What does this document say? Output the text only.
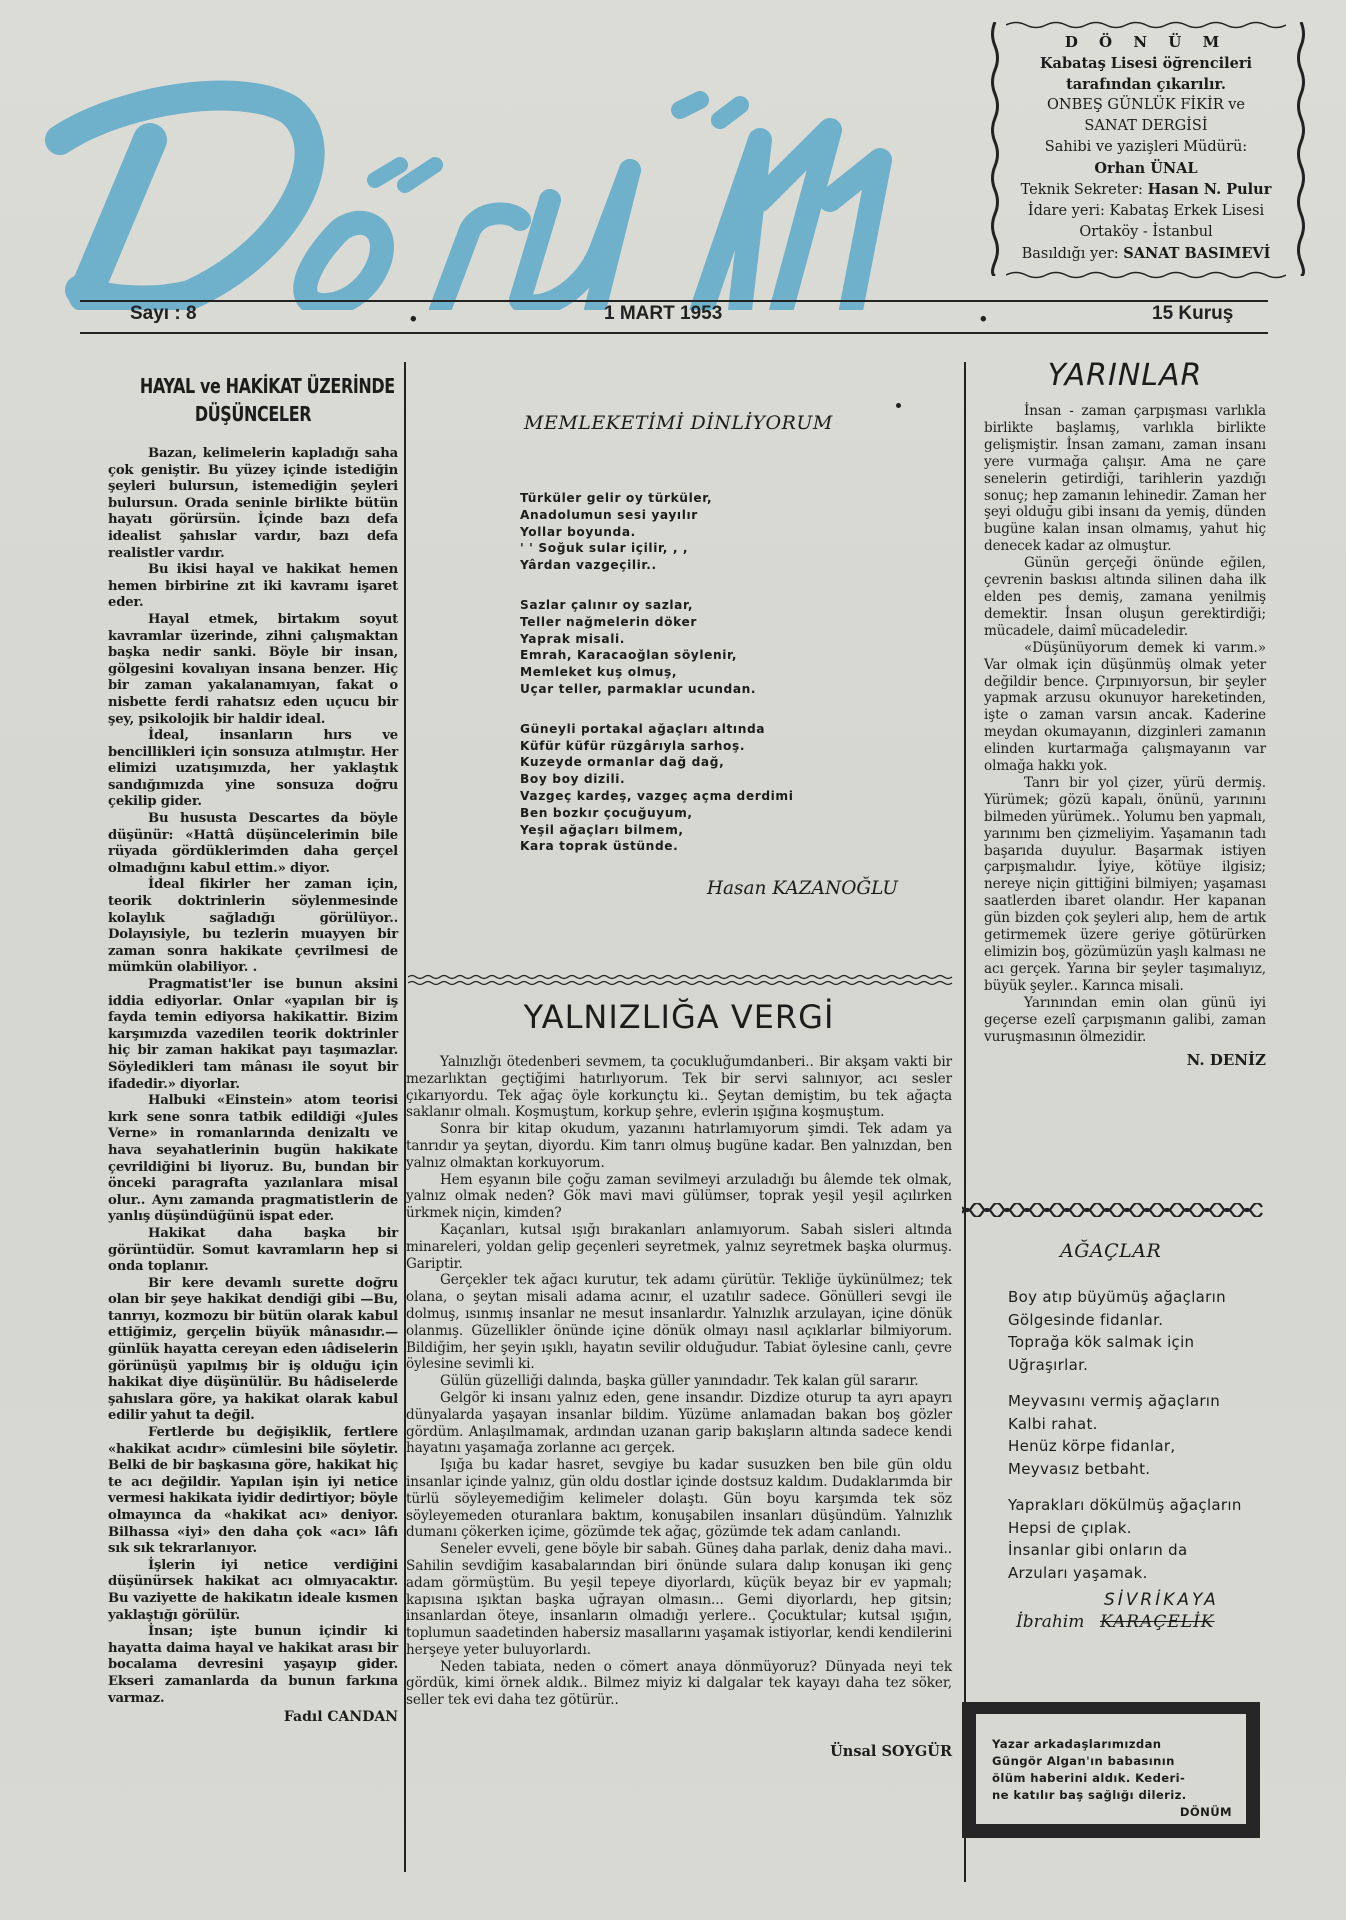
D Ö N Ü M
Kabataş Lisesi öğrencileri
tarafından çıkarılır.
ONBEŞ GÜNLÜK FİKİR ve
SANAT DERGİSİ
Sahibi ve yazişleri Müdürü:
Orhan ÜNAL
Teknik Sekreter: Hasan N. Pulur
İdare yeri: Kabataş Erkek Lisesi
Ortaköy - İstanbul
Basıldığı yer: SANAT BASIMEVİ
Sayı : 8	•	1 MART 1953	•	15 Kuruş
HAYAL ve HAKİKAT ÜZERİNDE
DÜŞÜNCELER

Bazan, kelimelerin kapladığı saha çok geniştir. Bu yüzey içinde istediğin şeyleri bulursun, istemediğin şeyleri bulursun. Orada seninle birlikte bütün hayatı görürsün. İçinde bazı defa idealist şahıslar vardır, bazı defa realistler vardır.

Bu ikisi hayal ve hakikat hemen hemen birbirine zıt iki kavramı işaret eder.

Hayal etmek, birtakım soyut kavramlar üzerinde, zihni çalışmaktan başka nedir sanki. Böyle bir insan, gölgesini kovalıyan insana benzer. Hiç bir zaman yakalanamıyan, fakat o nisbette ferdi rahatsız eden uçucu bir şey, psikolojik bir haldir ideal.

İdeal, insanların hırs ve bencillikleri için sonsuza atılmıştır. Her elimizi uzatışımızda, her yaklaştık sandığımızda yine sonsuza doğru çekilip gider.

Bu hususta Descartes da böyle düşünür: «Hattâ düşüncelerimin bile rüyada gördüklerimden daha gerçel olmadığını kabul ettim.» diyor.

İdeal fikirler her zaman için, teorik doktrinlerin söylenmesinde kolaylık sağladığı görülüyor.. Dolayısiyle, bu tezlerin muayyen bir zaman sonra hakikate çevrilmesi de mümkün olabiliyor. .

Pragmatist'ler ise bunun aksini iddia ediyorlar. Onlar «yapılan bir iş fayda temin ediyorsa hakikattir. Bizim karşımızda vazedilen teorik doktrinler hiç bir zaman hakikat payı taşımazlar. Söyledikleri tam mânası ile soyut bir ifadedir.» diyorlar.

Halbuki «Einstein» atom teorisi kırk sene sonra tatbik edildiği «Jules Verne» in romanlarında denizaltı ve hava seyahatlerinin bugün hakikate çevrildiğini bi liyoruz. Bu, bundan bir önceki paragrafta yazılanlara misal olur.. Aynı zamanda pragmatistlerin de yanlış düşündüğünü ispat eder.

Hakikat daha başka bir görüntüdür. Somut kavramların hep si onda toplanır.

Bir kere devamlı surette doğru olan bir şeye hakikat dendiği gibi —Bu, tanrıyı, kozmozu bir bütün olarak kabul ettiğimiz, gerçelin büyük mânasıdır.— günlük hayatta cereyan eden ıâdiselerin görünüşü yapılmış bir iş olduğu için hakikat diye düşünülür. Bu hâdiselerde şahıslara göre, ya hakikat olarak kabul edilir yahut ta değil.

Fertlerde bu değişiklik, fertlere «hakikat acıdır» cümlesini bile söyletir. Belki de bir başkasına göre, hakikat hiç te acı değildir. Yapılan işin iyi netice vermesi hakikata iyidir dedirtiyor; böyle olmayınca da «hakikat acı» deniyor. Bilhassa «iyi» den daha çok «acı» lâfı sık sık tekrarlanıyor.

İşlerin iyi netice verdiğini düşünürsek hakikat acı olmıyacaktır. Bu vaziyette de hakikatın ideale kısmen yaklaştığı görülür.

İnsan; işte bunun içindir ki hayatta daima hayal ve hakikat arası bir bocalama devresini yaşayıp gider. Ekseri zamanlarda da bunun farkına varmaz.

Fadıl CANDAN
MEMLEKETİMİ DİNLİYORUM
Türküler gelir oy türküler,
Anadolumun sesi yayılır
Yollar boyunda.
' ' Soğuk sular içilir, , ,
Yârdan vazgeçilir..
Sazlar çalınır oy sazlar,
Teller nağmelerin döker
Yaprak misali.
Emrah, Karacaoğlan söylenir,
Memleket kuş olmuş,
Uçar teller, parmaklar ucundan.
Güneyli portakal ağaçları altında
Küfür küfür rüzgârıyla sarhoş.
Kuzeyde ormanlar dağ dağ,
Boy boy dizili.
Vazgeç kardeş, vazgeç açma derdimi
Ben bozkır çocuğuyum,
Yeşil ağaçları bilmem,
Kara toprak üstünde.
Hasan KAZANOĞLU
YALNIZLIĞA VERGİ

Yalnızlığı ötedenberi sevmem, ta çocukluğumdanberi.. Bir akşam vakti bir mezarlıktan geçtiğimi hatırlıyorum. Tek bir servi salınıyor, acı sesler çıkarıyordu. Tek ağaç öyle korkunçtu ki.. Şeytan demiştim, bu tek ağaçta saklanır olmalı. Koşmuştum, korkup şehre, evlerin ışığına koşmuştum.

Sonra bir kitap okudum, yazanını hatırlamıyorum şimdi. Tek adam ya tanrıdır ya şeytan, diyordu. Kim tanrı olmuş bugüne kadar. Ben yalnızdan, ben yalnız olmaktan korkuyorum.

Hem eşyanın bile çoğu zaman sevilmeyi arzuladığı bu âlemde tek olmak, yalnız olmak neden? Gök mavi mavi gülümser, toprak yeşil yeşil açılırken ürkmek niçin, kimden?

Kaçanları, kutsal ışığı bırakanları anlamıyorum. Sabah sisleri altında minareleri, yoldan gelip geçenleri seyretmek, yalnız seyretmek başka olurmuş. Gariptir.

Gerçekler tek ağacı kurutur, tek adamı çürütür. Tekliğe üykünülmez; tek olana, o şeytan misali adama acınır, el uzatılır sadece. Gönülleri sevgi ile dolmuş, ısınmış insanlar ne mesut insanlardır. Yalnızlık arzulayan, içine dönük olanmış. Güzellikler önünde içine dönük olmayı nasıl açıklarlar bilmiyorum. Bildiğim, her şeyin ışıklı, hayatın sevilir olduğudur. Tabiat öylesine canlı, çevre öylesine sevimli ki.

Gülün güzelliği dalında, başka güller yanındadır. Tek kalan gül sararır.

Gelgör ki insanı yalnız eden, gene insandır. Dizdize oturup ta ayrı apayrı dünyalarda yaşayan insanlar bildim. Yüzüme anlamadan bakan boş gözler gördüm. Anlaşılmamak, ardından uzanan garip bakışların altında sadece kendi hayatını yaşamağa zorlanne acı gerçek.

Işığa bu kadar hasret, sevgiye bu kadar susuzken ben bile gün oldu insanlar içinde yalnız, gün oldu dostlar içinde dostsuz kaldım. Dudaklarımda bir türlü söyleyemediğim kelimeler dolaştı. Gün boyu karşımda tek söz söyleyemeden oturanlara baktım, konuşabilen insanları düşündüm. Yalnızlık dumanı çökerken içime, gözümde tek ağaç, gözümde tek adam canlandı.

Seneler evveli, gene böyle bir sabah. Güneş daha parlak, deniz daha mavi.. Sahilin sevdiğim kasabalarından biri önünde sulara dalıp konuşan iki genç adam görmüştüm. Bu yeşil tepeye diyorlardı, küçük beyaz bir ev yapmalı; kapısına ışıktan başka uğrayan olmasın... Gemi diyorlardı, hep gitsin; insanlardan öteye, insanların olmadığı yerlere.. Çocuktular; kutsal ışığın, toplumun saadetinden habersiz masallarını yaşamak istiyorlar, kendi kendilerini herşeye yeter buluyorlardı.

Neden tabiata, neden o cömert anaya dönmüyoruz? Dünyada neyi tek gördük, kimi örnek aldık.. Bilmez miyiz ki dalgalar tek kayayı daha tez söker, seller tek evi daha tez götürür..

Ünsal SOYGÜR
YARINLAR

İnsan - zaman çarpışması varlıkla birlikte başlamış, varlıkla birlikte gelişmiştir. İnsan zamanı, zaman insanı yere vurmağa çalışır. Ama ne çare senelerin getirdiği, tarihlerin yazdığı sonuç; hep zamanın lehinedir. Zaman her şeyi olduğu gibi insanı da yemiş, dünden bugüne kalan insan olmamış, yahut hiç denecek kadar az olmuştur.

Günün gerçeği önünde eğilen, çevrenin baskısı altında silinen daha ilk elden pes demiş, zamana yenilmiş demektir. İnsan oluşun gerektirdiği; mücadele, daimî mücadeledir.

«Düşünüyorum demek ki varım.» Var olmak için düşünmüş olmak yeter değildir bence. Çırpınıyorsun, bir şeyler yapmak arzusu okunuyor hareketinden, işte o zaman varsın ancak. Kaderine meydan okumayanın, dizginleri zamanın elinden kurtarmağa çalışmayanın var olmağa hakkı yok.

Tanrı bir yol çizer, yürü dermiş. Yürümek; gözü kapalı, önünü, yarınını bilmeden yürümek.. Yolumu ben yapmalı, yarınımı ben çizmeliyim. Yaşamanın tadı başarıda duyulur. Başarmak istiyen çarpışmalıdır. İyiye, kötüye ilgisiz; nereye niçin gittiğini bilmiyen; yaşaması saatlerden ibaret olandır. Her kapanan gün bizden çok şeyleri alıp, hem de artık getirmemek üzere geriye götürürken elimizin boş, gözümüzün yaşlı kalması ne acı gerçek. Yarına bir şeyler taşımalıyız, büyük şeyler.. Karınca misali.

Yarınından emin olan günü iyi geçerse ezelî çarpışmanın galibi, zaman vuruşmasının ölmezidir.

N. DENİZ
AĞAÇLAR
Boy atıp büyümüş ağaçların
Gölgesinde fidanlar.
Toprağa kök salmak için
Uğraşırlar.
Meyvasını vermiş ağaçların
Kalbi rahat.
Henüz körpe fidanlar,
Meyvasız betbaht.
Yaprakları dökülmüş ağaçların
Hepsi de çıplak.
İnsanlar gibi onların da
Arzuları yaşamak.
SİVRİKAYA
İbrahim KARAÇELİK
Yazar arkadaşlarımızdan
Güngör Algan'ın babasının
ölüm haberini aldık. Kederi-
ne katılır baş sağlığı dileriz.
DÖNÜM
